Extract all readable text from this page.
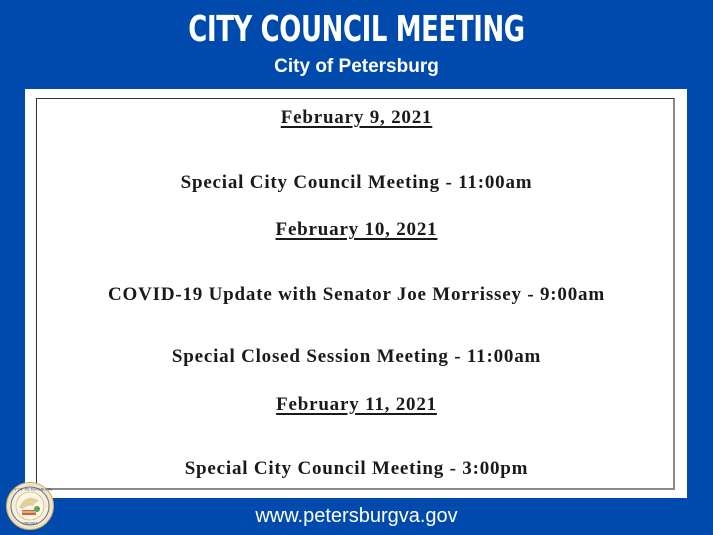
CITY COUNCIL MEETING
City of Petersburg
February 9, 2021
Special City Council Meeting - 11:00am
February 10, 2021
COVID-19 Update with Senator Joe Morrissey - 9:00am
Special Closed Session Meeting - 11:00am
February 11, 2021
Special City Council Meeting - 3:00pm
CITY OF PETERSBURG
VIRGINIA	www.petersburgva.gov
